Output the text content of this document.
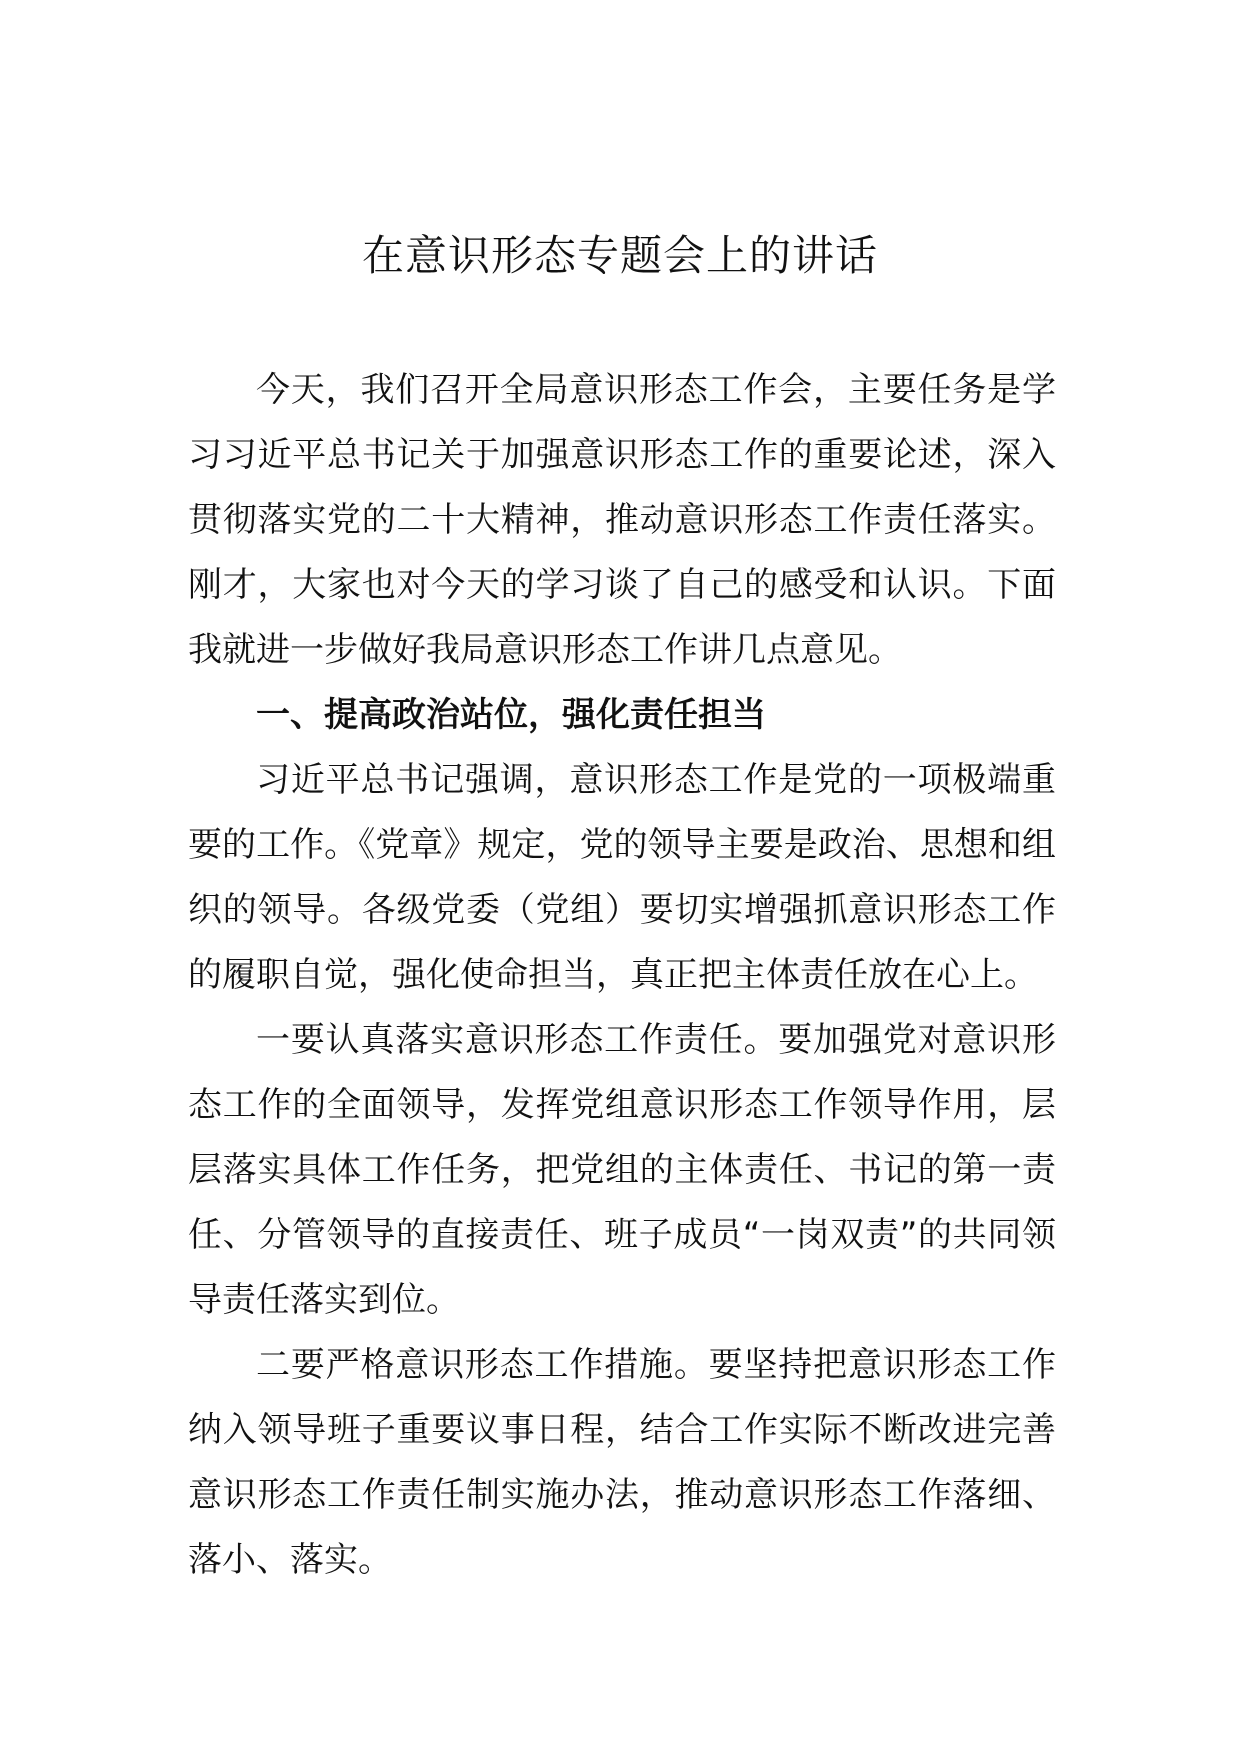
在意识形态专题会上的讲话

今天，我们召开全局意识形态工作会，主要任务是学习习近平总书记关于加强意识形态工作的重要论述，深入贯彻落实党的二十大精神，推动意识形态工作责任落实。刚才，大家也对今天的学习谈了自己的感受和认识。下面我就进一步做好我局意识形态工作讲几点意见。

一、提高政治站位，强化责任担当

习近平总书记强调，意识形态工作是党的一项极端重要的工作。《党章》规定，党的领导主要是政治、思想和组织的领导。各级党委（党组）要切实增强抓意识形态工作的履职自觉，强化使命担当，真正把主体责任放在心上。

一要认真落实意识形态工作责任。要加强党对意识形态工作的全面领导，发挥党组意识形态工作领导作用，层层落实具体工作任务，把党组的主体责任、书记的第一责任、分管领导的直接责任、班子成员“一岗双责”的共同领导责任落实到位。

二要严格意识形态工作措施。要坚持把意识形态工作纳入领导班子重要议事日程，结合工作实际不断改进完善意识形态工作责任制实施办法，推动意识形态工作落细、落小、落实。
